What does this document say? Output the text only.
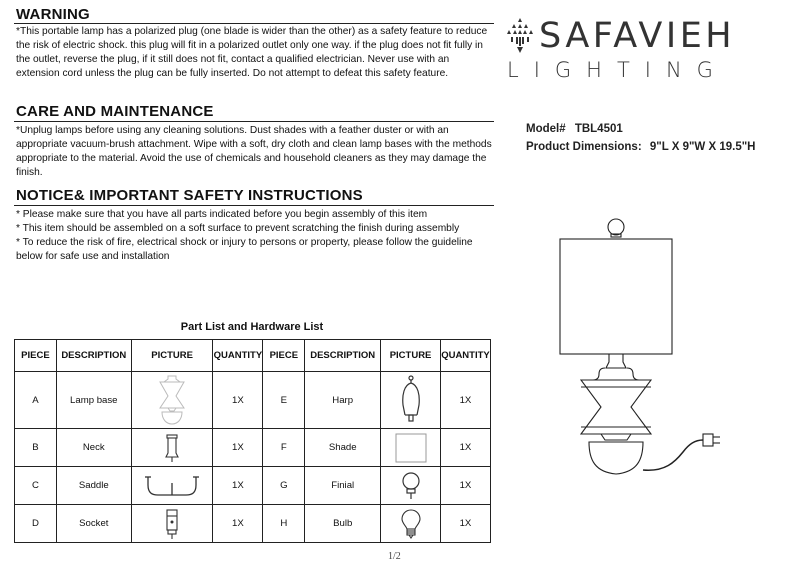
WARNING
*This portable lamp has a polarized plug (one blade is wider than the other) as a safety feature to reduce the risk of electric shock. this plug will fit in a polarized outlet only one way. if the plug does not fit fully in the outlet, reverse the plug, if it still does not fit, contact a qualified electrician. Never use with an extension cord unless the plug can be fully inserted. Do not attempt to defeat this safety feature.
CARE AND MAINTENANCE
*Unplug lamps before using any cleaning solutions. Dust shades with a feather duster or with an appropriate vacuum-brush attachment. Wipe with a soft, dry cloth and clean lamp bases with the methods appropriate to the material. Avoid the use of chemicals and household cleaners as they may damage the finish.
NOTICE& IMPORTANT SAFETY INSTRUCTIONS
* Please make sure that you have all parts indicated before you begin assembly of this item
* This item should be assembled on a soft surface to prevent scratching the finish during assembly
* To reduce the risk of fire, electrical shock or injury to persons or property, please follow the guideline below for safe use and installation
SAFAVIEH
LIGHTING
Model# TBL4501
Product Dimensions: 9"L X 9"W X 19.5"H
Part List and Hardware List
PIECE	DESCRIPTION	PICTURE	QUANTITY	PIECE	DESCRIPTION	PICTURE	QUANTITY
A	Lamp base		1X	E	Harp		1X
B	Neck		1X	F	Shade		1X
C	Saddle		1X	G	Finial		1X
D	Socket		1X	H	Bulb		1X
1/2
